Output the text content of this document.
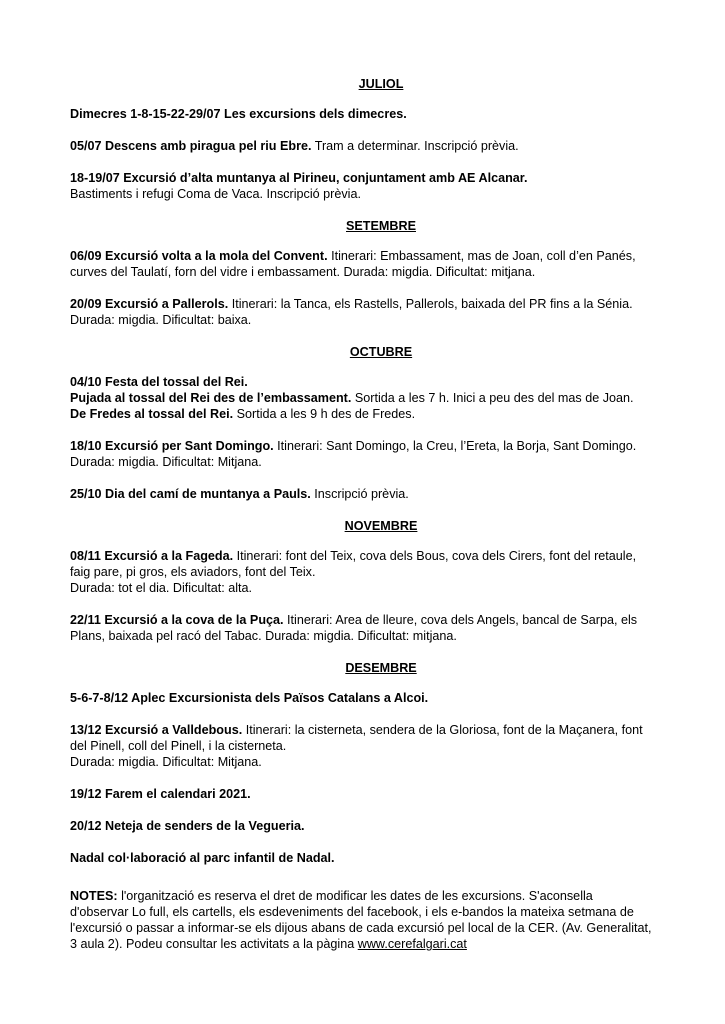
JULIOL
Dimecres 1-8-15-22-29/07 Les excursions dels dimecres.
05/07 Descens amb piragua pel riu Ebre. Tram a determinar. Inscripció prèvia.
18-19/07 Excursió d’alta muntanya al Pirineu, conjuntament amb AE Alcanar.
Bastiments i refugi Coma de Vaca. Inscripció prèvia.
SETEMBRE
06/09 Excursió volta a la mola del Convent. Itinerari: Embassament, mas de Joan, coll d’en Panés,
curves del Taulatí, forn del vidre i embassament. Durada: migdia. Dificultat: mitjana.
20/09 Excursió a Pallerols. Itinerari: la Tanca, els Rastells, Pallerols, baixada del PR fins a la Sénia.
Durada: migdia. Dificultat: baixa.
OCTUBRE
04/10 Festa del tossal del Rei.
Pujada al tossal del Rei des de l’embassament. Sortida a les 7 h. Inici a peu des del mas de Joan.
De Fredes al tossal del Rei. Sortida a les 9 h des de Fredes.
18/10 Excursió per Sant Domingo. Itinerari: Sant Domingo, la Creu, l’Ereta, la Borja, Sant Domingo.
Durada: migdia. Dificultat: Mitjana.
25/10 Dia del camí de muntanya a Pauls. Inscripció prèvia.
NOVEMBRE
08/11 Excursió a la Fageda. Itinerari: font del Teix, cova dels Bous, cova dels Cirers, font del retaule,
faig pare, pi gros, els aviadors, font del Teix.
Durada: tot el dia. Dificultat: alta.
22/11 Excursió a la cova de la Puça. Itinerari: Area de lleure, cova dels Angels, bancal de Sarpa, els
Plans, baixada pel racó del Tabac. Durada: migdia. Dificultat: mitjana.
DESEMBRE
5-6-7-8/12 Aplec Excursionista dels Països Catalans a Alcoi.
13/12 Excursió a Valldebous. Itinerari: la cisterneta, sendera de la Gloriosa, font de la Maçanera, font
del Pinell, coll del Pinell, i la cisterneta.
Durada: migdia. Dificultat: Mitjana.
19/12 Farem el calendari 2021.
20/12 Neteja de senders de la Vegueria.
Nadal col·laboració al parc infantil de Nadal.
NOTES: l'organització es reserva el dret de modificar les dates de les excursions. S'aconsella
d'observar Lo full, els cartells, els esdeveniments del facebook, i els e-bandos la mateixa setmana de
l'excursió o passar a informar-se els dijous abans de cada excursió pel local de la CER. (Av. Generalitat,
3 aula 2). Podeu consultar les activitats a la pàgina www.cerefalgari.cat
